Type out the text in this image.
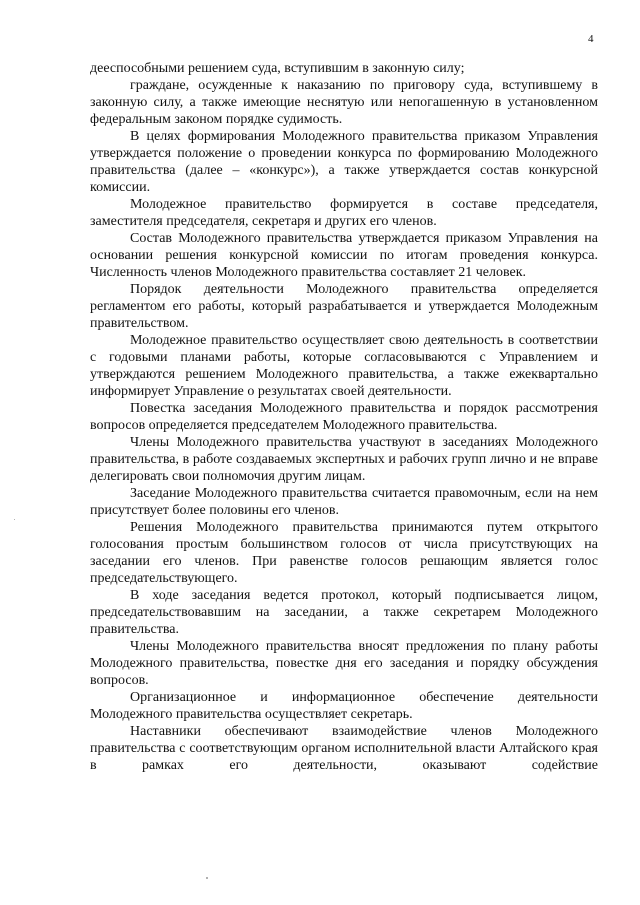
4

дееспособными решением суда, вступившим в законную силу;

граждане, осужденные к наказанию по приговору суда, вступившему в законную силу, а также имеющие неснятую или непогашенную в установленном федеральным законом порядке судимость.

В целях формирования Молодежного правительства приказом Управления утверждается положение о проведении конкурса по формированию Молодежного правительства (далее – «конкурс»), а также утверждается состав конкурсной комиссии.

Молодежное правительство формируется в составе председателя, заместителя председателя, секретаря и других его членов.

Состав Молодежного правительства утверждается приказом Управления на основании решения конкурсной комиссии по итогам проведения конкурса. Численность членов Молодежного правительства составляет 21 человек.

Порядок деятельности Молодежного правительства определяется регламентом его работы, который разрабатывается и утверждается Молодежным правительством.

Молодежное правительство осуществляет свою деятельность в соответствии с годовыми планами работы, которые согласовываются с Управлением и утверждаются решением Молодежного правительства, а также ежеквартально информирует Управление о результатах своей деятельности.

Повестка заседания Молодежного правительства и порядок рассмотрения вопросов определяется председателем Молодежного правительства.

Члены Молодежного правительства участвуют в заседаниях Молодежного правительства, в работе создаваемых экспертных и рабочих групп лично и не вправе делегировать свои полномочия другим лицам.

Заседание Молодежного правительства считается правомочным, если на нем присутствует более половины его членов.

Решения Молодежного правительства принимаются путем открытого голосования простым большинством голосов от числа присутствующих на заседании его членов. При равенстве голосов решающим является голос председательствующего.

В ходе заседания ведется протокол, который подписывается лицом, председательствовавшим на заседании, а также секретарем Молодежного правительства.

Члены Молодежного правительства вносят предложения по плану работы Молодежного правительства, повестке дня его заседания и порядку обсуждения вопросов.

Организационное и информационное обеспечение деятельности Молодежного правительства осуществляет секретарь.

Наставники обеспечивают взаимодействие членов Молодежного правительства с соответствующим органом исполнительной власти Алтайского края в рамках его деятельности, оказывают содействие
